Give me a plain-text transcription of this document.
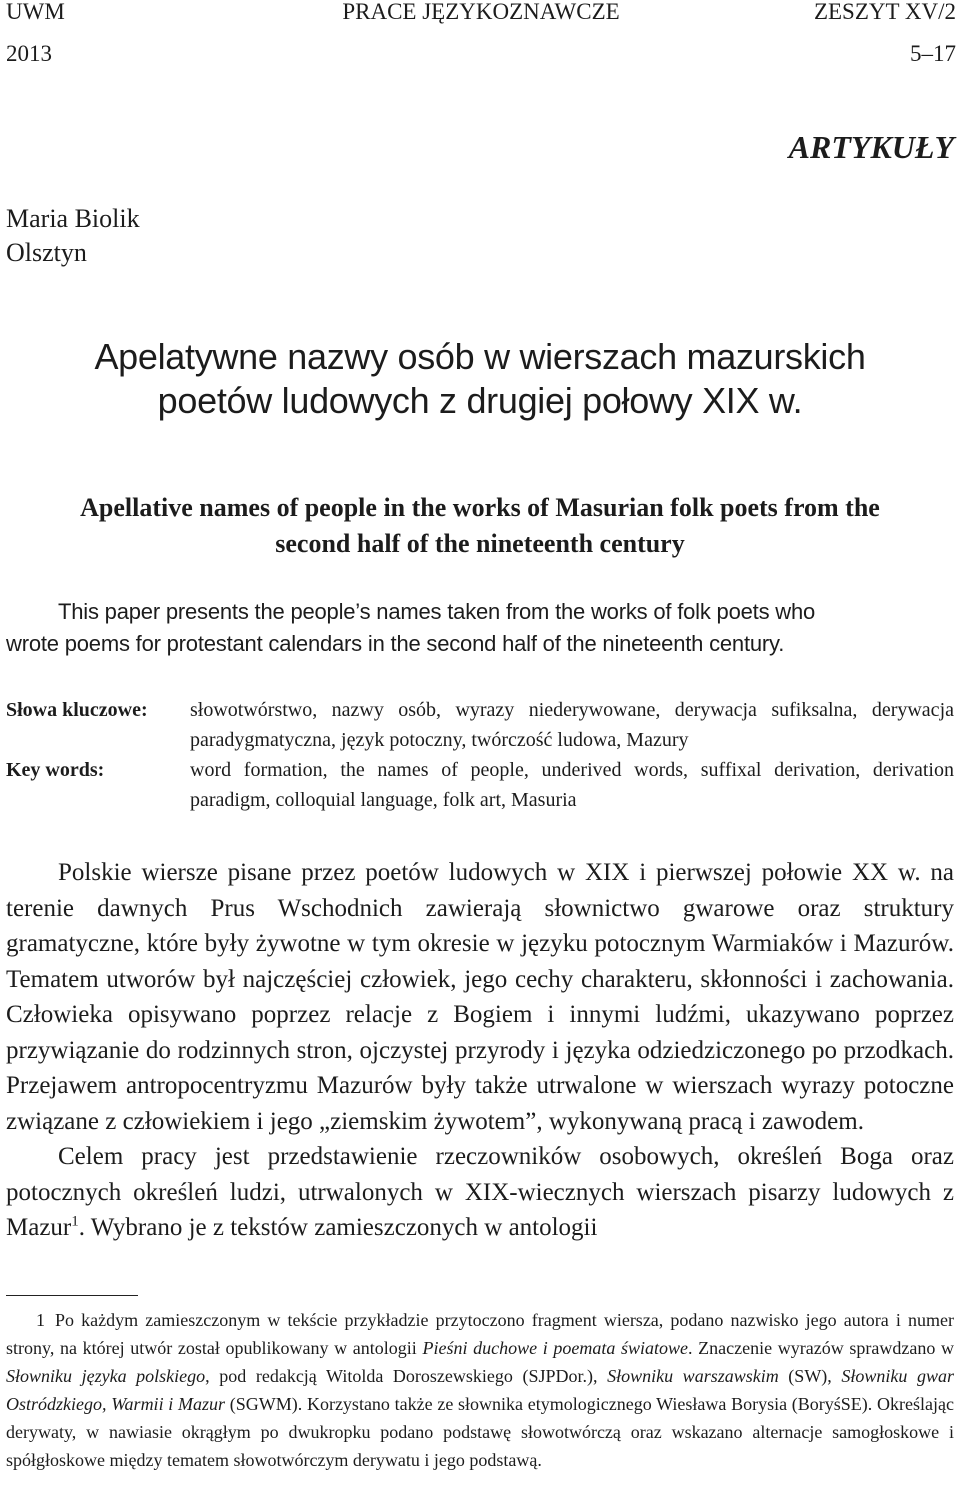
UWM	PRACE JĘZYKOZNAWCZE	ZESZYT XV/2
2013	5–17
ARTYKUŁY
Maria Biolik
Olsztyn
Apelatywne nazwy osób w wierszach mazurskich
poetów ludowych z drugiej połowy XIX w.
Apellative names of people in the works of Masurian folk poets from the
second half of the nineteenth century
This paper presents the people’s names taken from the works of folk poets who
wrote poems for protestant calendars in the second half of the nineteenth century.
Słowa kluczowe: słowotwórstwo, nazwy osób, wyrazy niederywowane, derywacja sufiksalna, derywacja paradygmatyczna, język potoczny, twórczość ludowa, Mazury
Key words:	word formation, the names of people, underived words, suffixal derivation, derivation paradigm, colloquial language, folk art, Masuria

Polskie wiersze pisane przez poetów ludowych w XIX i pierwszej połowie XX w. na terenie dawnych Prus Wschodnich zawierają słownictwo gwarowe oraz struktury gramatyczne, które były żywotne w tym okresie w języku potocznym Warmiaków i Mazurów. Tematem utworów był najczęściej człowiek, jego cechy charakteru, skłonności i zachowania. Człowieka opisywano poprzez relacje z Bogiem i innymi ludźmi, ukazywano poprzez przywiązanie do rodzinnych stron, ojczystej przyrody i języka odziedziczonego po przodkach. Przejawem antropocentryzmu Mazurów były także utrwalone w wierszach wyrazy potoczne związane z człowiekiem i jego „ziemskim żywotem”, wykonywaną pracą i zawodem.

Celem pracy jest przedstawienie rzeczowników osobowych, określeń Boga oraz potocznych określeń ludzi, utrwalonych w XIX-wiecznych wierszach pisarzy ludowych z Mazur$^1$. Wybrano je z tekstów zamieszczonych w antologii

1 Po każdym zamieszczonym w tekście przykładzie przytoczono fragment wiersza, podano nazwisko jego autora i numer strony, na której utwór został opublikowany w antologii Pieśni duchowe i poemata światowe. Znaczenie wyrazów sprawdzano w Słowniku języka polskiego, pod redakcją Witolda Doroszewskiego (SJPDor.), Słowniku warszawskim (SW), Słowniku gwar Ostródzkiego, Warmii i Mazur (SGWM). Korzystano także ze słownika etymologicznego Wiesława Borysia (BoryśSE). Określając derywaty, w nawiasie okrągłym po dwukropku podano podstawę słowotwórczą oraz wskazano alternacje samogłoskowe i spółgłoskowe między tematem słowotwórczym derywatu i jego podstawą.
